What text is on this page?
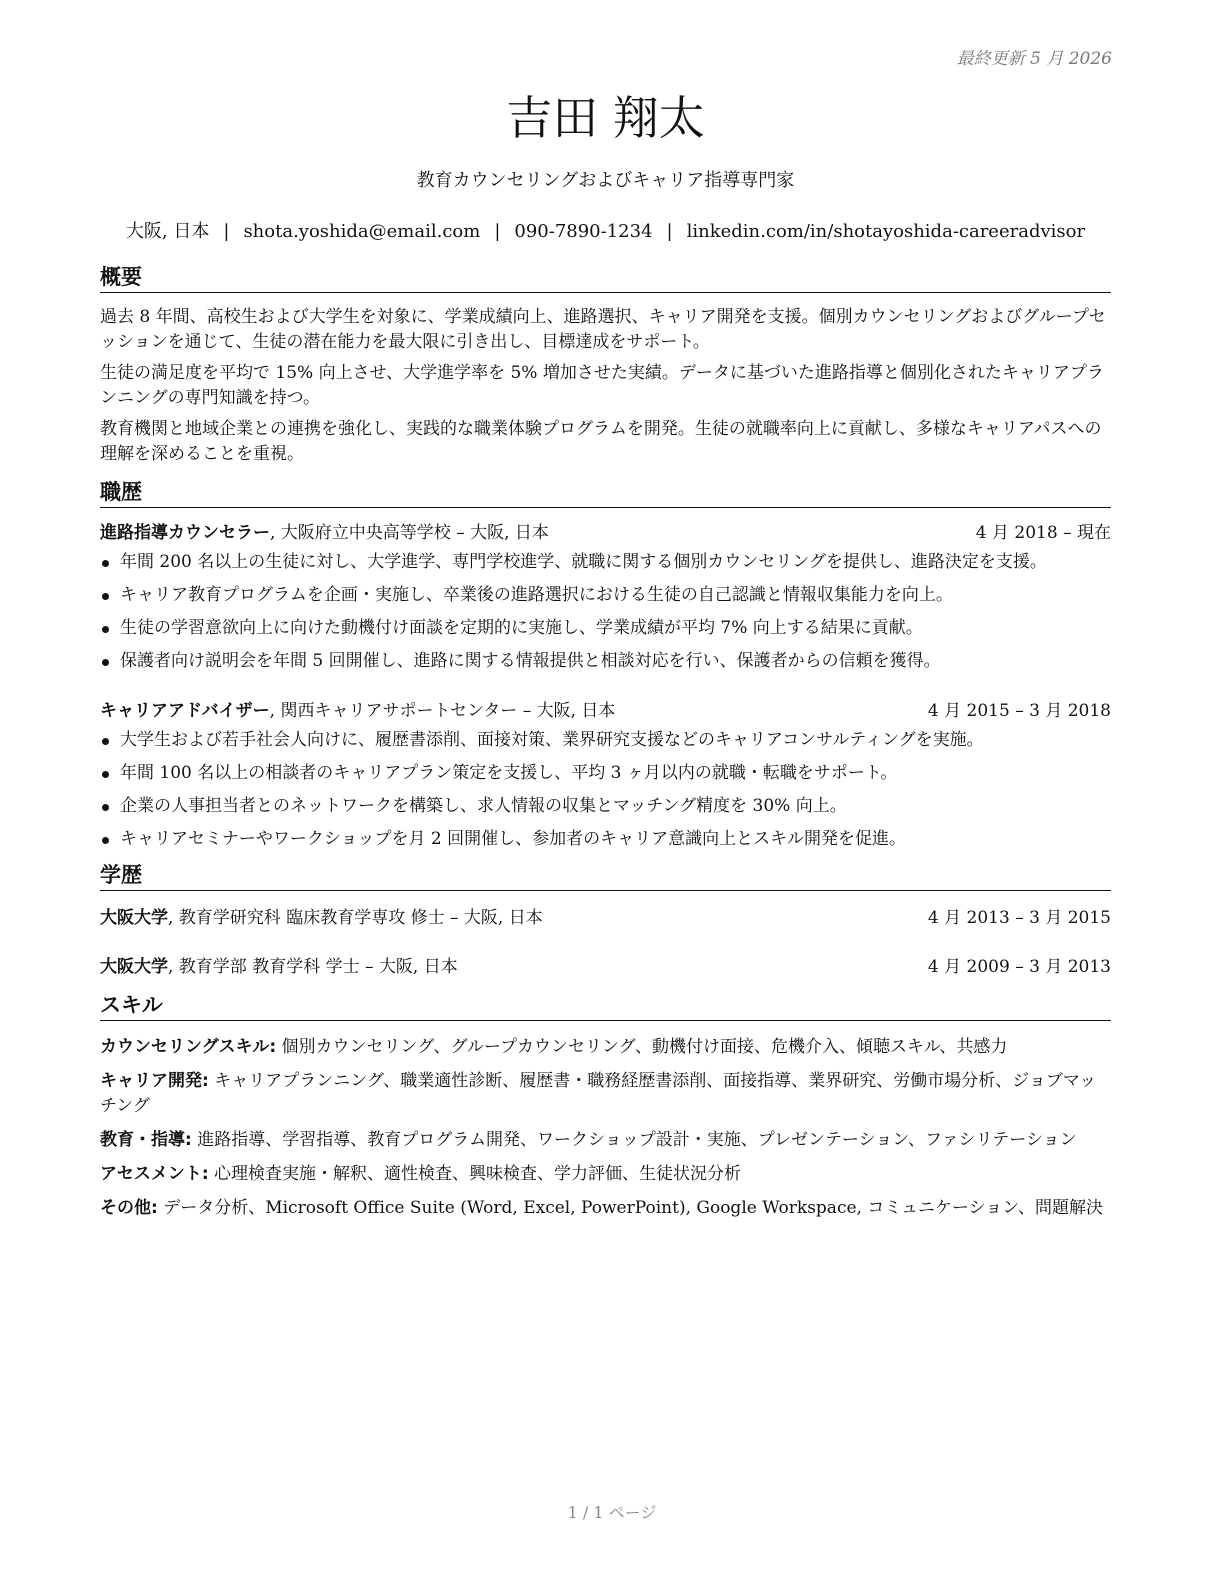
最終更新 5 月 2026
吉田 翔太
教育カウンセリングおよびキャリア指導専門家
大阪, 日本 | shota.yoshida@email.com | 090-7890-1234 | linkedin.com/in/shotayoshida-careeradvisor
概要

過去 8 年間、高校生および大学生を対象に、学業成績向上、進路選択、キャリア開発を支援。個別カウンセリングおよびグループセッションを通じて、生徒の潜在能力を最大限に引き出し、目標達成をサポート。

生徒の満足度を平均で 15% 向上させ、大学進学率を 5% 増加させた実績。データに基づいた進路指導と個別化されたキャリアプランニングの専門知識を持つ。

教育機関と地域企業との連携を強化し、実践的な職業体験プログラムを開発。生徒の就職率向上に貢献し、多様なキャリアパスへの理解を深めることを重視。

職歴
進路指導カウンセラー, 大阪府立中央高等学校 – 大阪, 日本	4 月 2018 – 現在
年間 200 名以上の生徒に対し、大学進学、専門学校進学、就職に関する個別カウンセリングを提供し、進路決定を支援。
キャリア教育プログラムを企画・実施し、卒業後の進路選択における生徒の自己認識と情報収集能力を向上。
生徒の学習意欲向上に向けた動機付け面談を定期的に実施し、学業成績が平均 7% 向上する結果に貢献。
保護者向け説明会を年間 5 回開催し、進路に関する情報提供と相談対応を行い、保護者からの信頼を獲得。
キャリアアドバイザー, 関西キャリアサポートセンター – 大阪, 日本	4 月 2015 – 3 月 2018
大学生および若手社会人向けに、履歴書添削、面接対策、業界研究支援などのキャリアコンサルティングを実施。
年間 100 名以上の相談者のキャリアプラン策定を支援し、平均 3 ヶ月以内の就職・転職をサポート。
企業の人事担当者とのネットワークを構築し、求人情報の収集とマッチング精度を 30% 向上。
キャリアセミナーやワークショップを月 2 回開催し、参加者のキャリア意識向上とスキル開発を促進。
学歴
大阪大学, 教育学研究科 臨床教育学専攻 修士 – 大阪, 日本	4 月 2013 – 3 月 2015
大阪大学, 教育学部 教育学科 学士 – 大阪, 日本	4 月 2009 – 3 月 2013
スキル
カウンセリングスキル: 個別カウンセリング、グループカウンセリング、動機付け面接、危機介入、傾聴スキル、共感力
キャリア開発: キャリアプランニング、職業適性診断、履歴書・職務経歴書添削、面接指導、業界研究、労働市場分析、ジョブマッチング
教育・指導: 進路指導、学習指導、教育プログラム開発、ワークショップ設計・実施、プレゼンテーション、ファシリテーション
アセスメント: 心理検査実施・解釈、適性検査、興味検査、学力評価、生徒状況分析
その他: データ分析、Microsoft Office Suite (Word, Excel, PowerPoint), Google Workspace, コミュニケーション、問題解決
1 / 1 ページ
